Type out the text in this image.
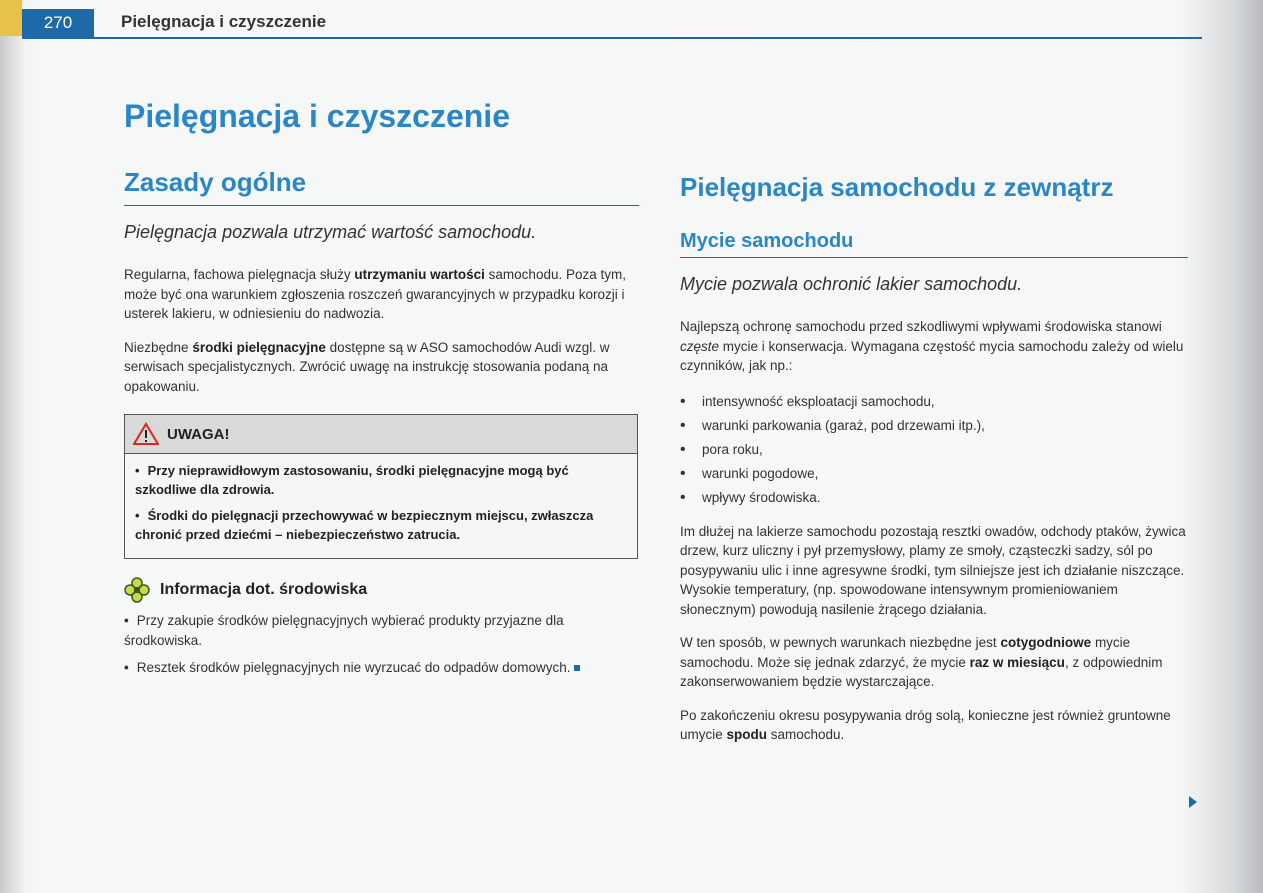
270	Pielęgnacja i czyszczenie
Pielęgnacja i czyszczenie
Zasady ogólne
Pielęgnacja pozwala utrzymać wartość samochodu.

Regularna, fachowa pielęgnacja służy utrzymaniu wartości samochodu. Poza tym, może być ona warunkiem zgłoszenia roszczeń gwarancyjnych w przypadku korozji i usterek lakieru, w odniesieniu do nadwozia.

Niezbędne środki pielęgnacyjne dostępne są w ASO samochodów Audi wzgl. w serwisach specjalistycznych. Zwrócić uwagę na instrukcję stosowania podaną na opakowaniu.

UWAGA!

• Przy nieprawidłowym zastosowaniu, środki pielęgnacyjne mogą być szkodliwe dla zdrowia.

• Środki do pielęgnacji przechowywać w bezpiecznym miejscu, zwłaszcza chronić przed dziećmi – niebezpieczeństwo zatrucia.

Informacja dot. środowiska

• Przy zakupie środków pielęgnacyjnych wybierać produkty przyjazne dla środkowiska.

• Resztek środków pielęgnacyjnych nie wyrzucać do odpadów domowych.

Pielęgnacja samochodu z zewnątrz
Mycie samochodu
Mycie pozwala ochronić lakier samochodu.

Najlepszą ochronę samochodu przed szkodliwymi wpływami środowiska stanowi częste mycie i konserwacja. Wymagana częstość mycia samochodu zależy od wielu czynników, jak np.:

• intensywność eksploatacji samochodu,
• warunki parkowania (garaż, pod drzewami itp.),
• pora roku,
• warunki pogodowe,
• wpływy środowiska.

Im dłużej na lakierze samochodu pozostają resztki owadów, odchody ptaków, żywica drzew, kurz uliczny i pył przemysłowy, plamy ze smoły, cząsteczki sadzy, sól po posypywaniu ulic i inne agresywne środki, tym silniejsze jest ich działanie niszczące. Wysokie temperatury, (np. spowodowane intensywnym promieniowaniem słonecznym) powodują nasilenie żrącego działania.

W ten sposób, w pewnych warunkach niezbędne jest cotygodniowe mycie samochodu. Może się jednak zdarzyć, że mycie raz w miesiącu, z odpowiednim zakonserwowaniem będzie wystarczające.

Po zakończeniu okresu posypywania dróg solą, konieczne jest również gruntowne umycie spodu samochodu.
